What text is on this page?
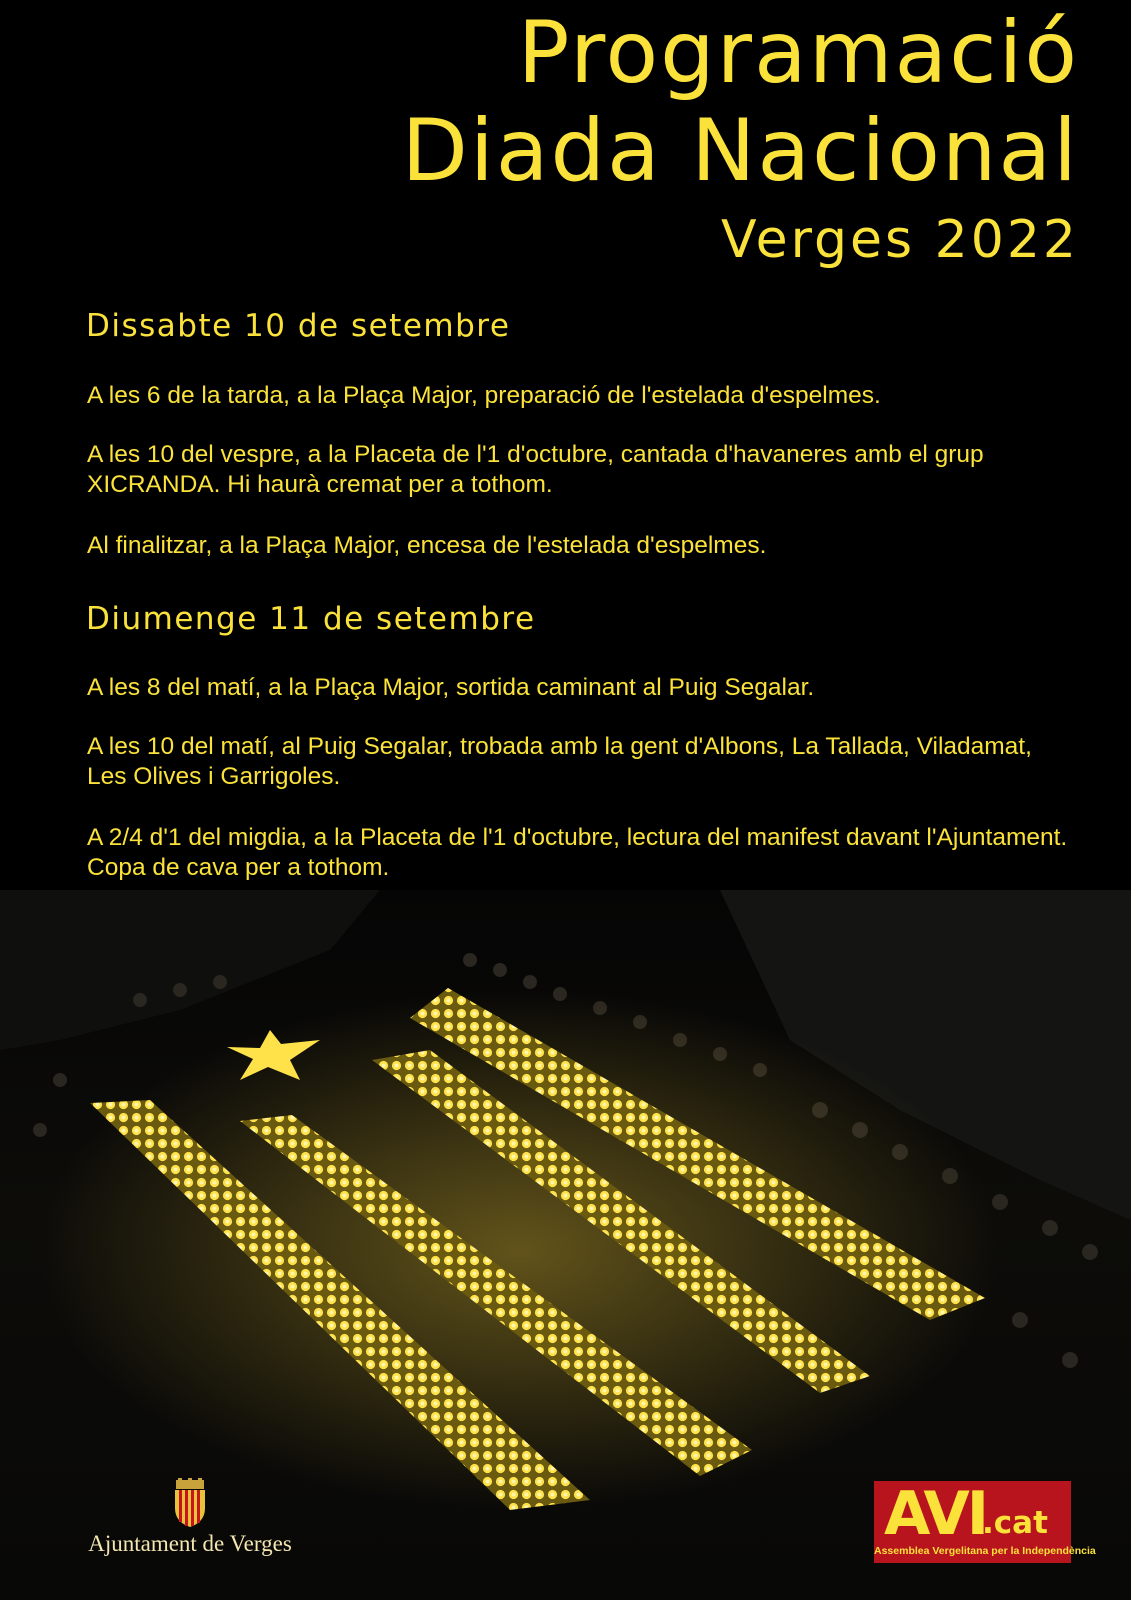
Programació
Diada Nacional
Verges 2022
Dissabte 10 de setembre
A les 6 de la tarda, a la Plaça Major, preparació de l'estelada d'espelmes.
A les 10 del vespre, a la Placeta de l'1 d'octubre, cantada d'havaneres amb el grup XICRANDA. Hi haurà cremat per a tothom.
Al finalitzar, a la Plaça Major, encesa de l'estelada d'espelmes.
Diumenge 11 de setembre
A les 8 del matí, a la Plaça Major, sortida caminant al Puig Segalar.
A les 10 del matí, al Puig Segalar, trobada amb la gent d'Albons, La Tallada, Viladamat, Les Olives i Garrigoles.
A 2/4 d'1 del migdia, a la Placeta de l'1 d'octubre, lectura del manifest davant l'Ajuntament. Copa de cava per a tothom.
Ajuntament de Verges	AVI
.cat
Assemblea Vergelitana per la Independència
